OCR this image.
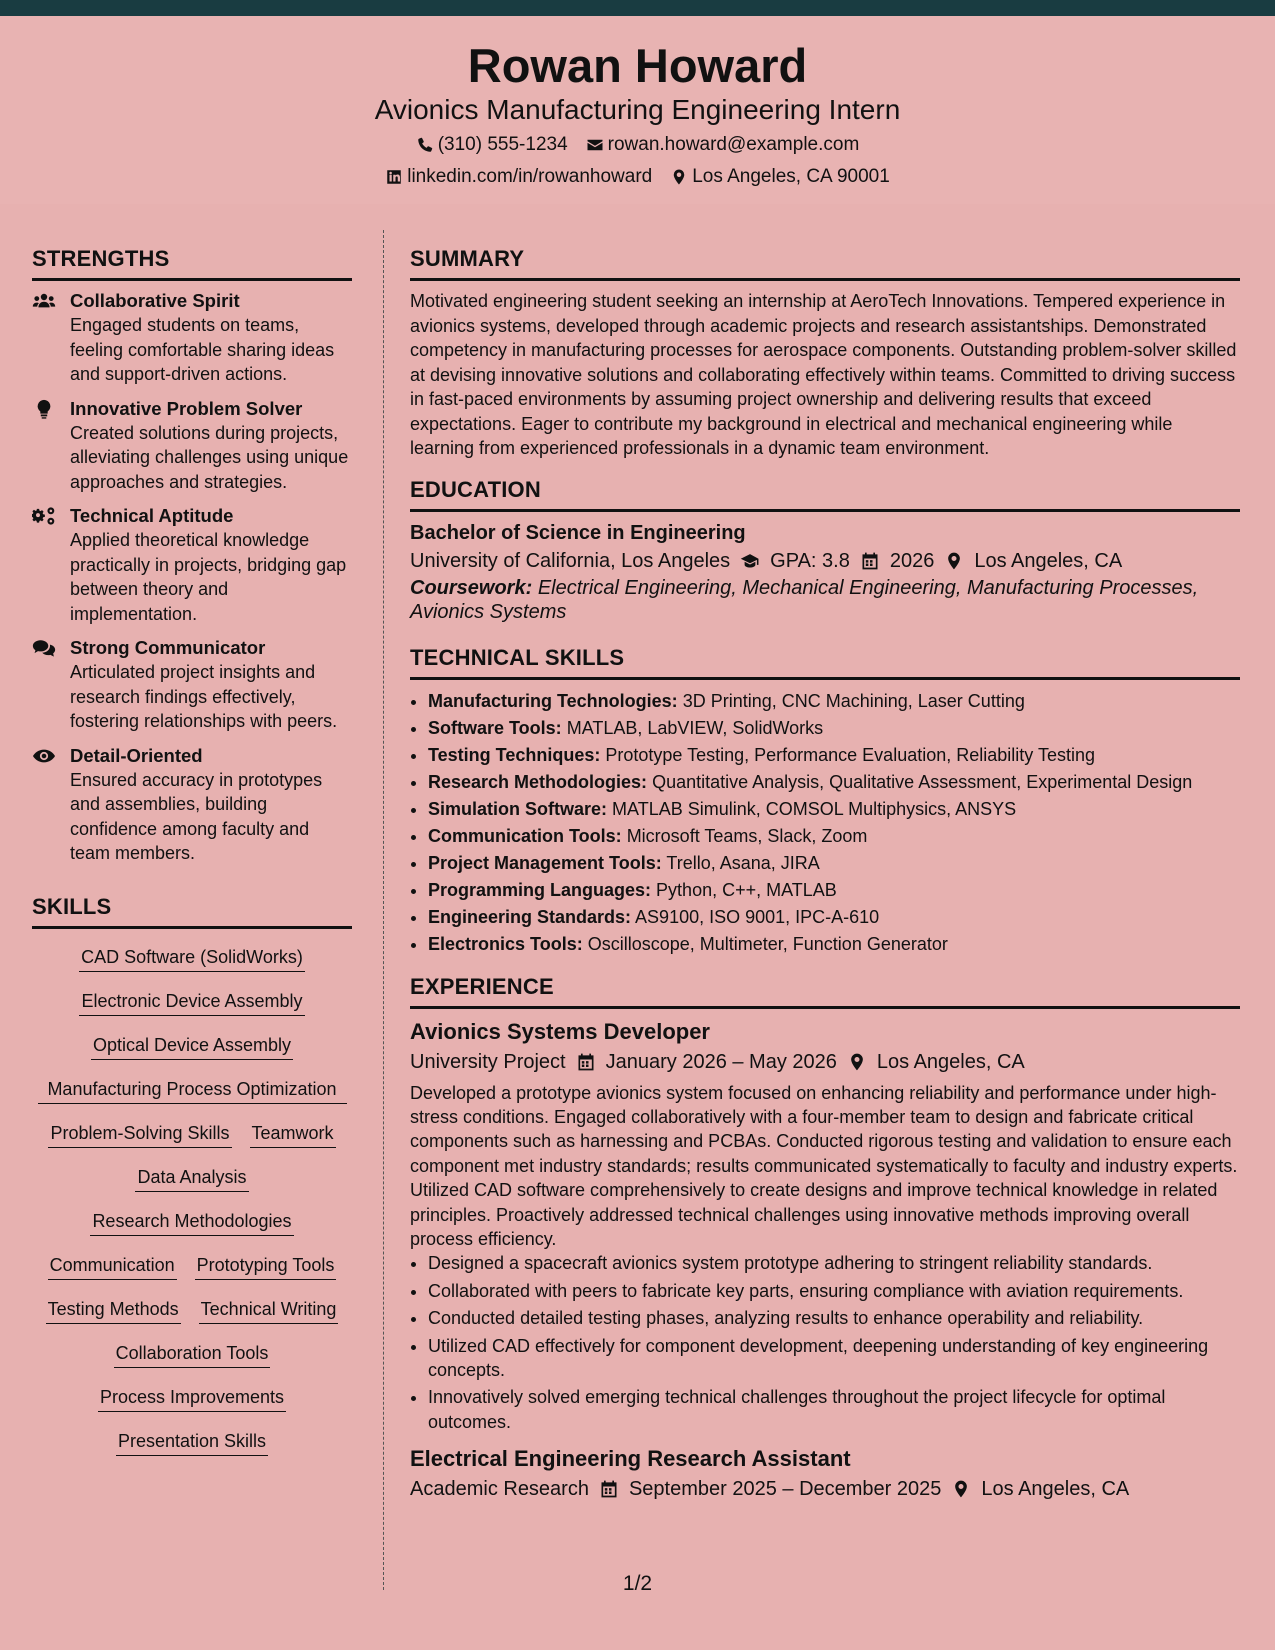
Rowan Howard
Avionics Manufacturing Engineering Intern
(310) 555-1234 rowan.howard@example.com
linkedin.com/in/rowanhoward Los Angeles, CA 90001
STRENGTHS
Collaborative Spirit
Engaged students on teams, feeling comfortable sharing ideas and support-driven actions.
Innovative Problem Solver
Created solutions during projects, alleviating challenges using unique approaches and strategies.
Technical Aptitude
Applied theoretical knowledge practically in projects, bridging gap between theory and implementation.
Strong Communicator
Articulated project insights and research findings effectively, fostering relationships with peers.
Detail-Oriented
Ensured accuracy in prototypes and assemblies, building confidence among faculty and team members.
SKILLS
CAD Software (SolidWorks)
Electronic Device Assembly
Optical Device Assembly
Manufacturing Process Optimization
Problem-Solving Skills Teamwork
Data Analysis
Research Methodologies
Communication Prototyping Tools
Testing Methods Technical Writing
Collaboration Tools
Process Improvements
Presentation Skills
SUMMARY
Motivated engineering student seeking an internship at AeroTech Innovations. Tempered experience in avionics systems, developed through academic projects and research assistantships. Demonstrated competency in manufacturing processes for aerospace components. Outstanding problem-solver skilled at devising innovative solutions and collaborating effectively within teams. Committed to driving success in fast-paced environments by assuming project ownership and delivering results that exceed expectations. Eager to contribute my background in electrical and mechanical engineering while learning from experienced professionals in a dynamic team environment.
EDUCATION
Bachelor of Science in Engineering
University of California, Los Angeles GPA: 3.8 2026 Los Angeles, CA
Coursework: Electrical Engineering, Mechanical Engineering, Manufacturing Processes, Avionics Systems
TECHNICAL SKILLS
• Manufacturing Technologies: 3D Printing, CNC Machining, Laser Cutting
• Software Tools: MATLAB, LabVIEW, SolidWorks
• Testing Techniques: Prototype Testing, Performance Evaluation, Reliability Testing
• Research Methodologies: Quantitative Analysis, Qualitative Assessment, Experimental Design
• Simulation Software: MATLAB Simulink, COMSOL Multiphysics, ANSYS
• Communication Tools: Microsoft Teams, Slack, Zoom
• Project Management Tools: Trello, Asana, JIRA
• Programming Languages: Python, C++, MATLAB
• Engineering Standards: AS9100, ISO 9001, IPC-A-610
• Electronics Tools: Oscilloscope, Multimeter, Function Generator
EXPERIENCE
Avionics Systems Developer
University Project January 2026 – May 2026 Los Angeles, CA
Developed a prototype avionics system focused on enhancing reliability and performance under high-stress conditions. Engaged collaboratively with a four-member team to design and fabricate critical components such as harnessing and PCBAs. Conducted rigorous testing and validation to ensure each component met industry standards; results communicated systematically to faculty and industry experts. Utilized CAD software comprehensively to create designs and improve technical knowledge in related principles. Proactively addressed technical challenges using innovative methods improving overall process efficiency.
• Designed a spacecraft avionics system prototype adhering to stringent reliability standards.
• Collaborated with peers to fabricate key parts, ensuring compliance with aviation requirements.
• Conducted detailed testing phases, analyzing results to enhance operability and reliability.
• Utilized CAD effectively for component development, deepening understanding of key engineering concepts.
• Innovatively solved emerging technical challenges throughout the project lifecycle for optimal outcomes.
Electrical Engineering Research Assistant
Academic Research September 2025 – December 2025 Los Angeles, CA
1/2
